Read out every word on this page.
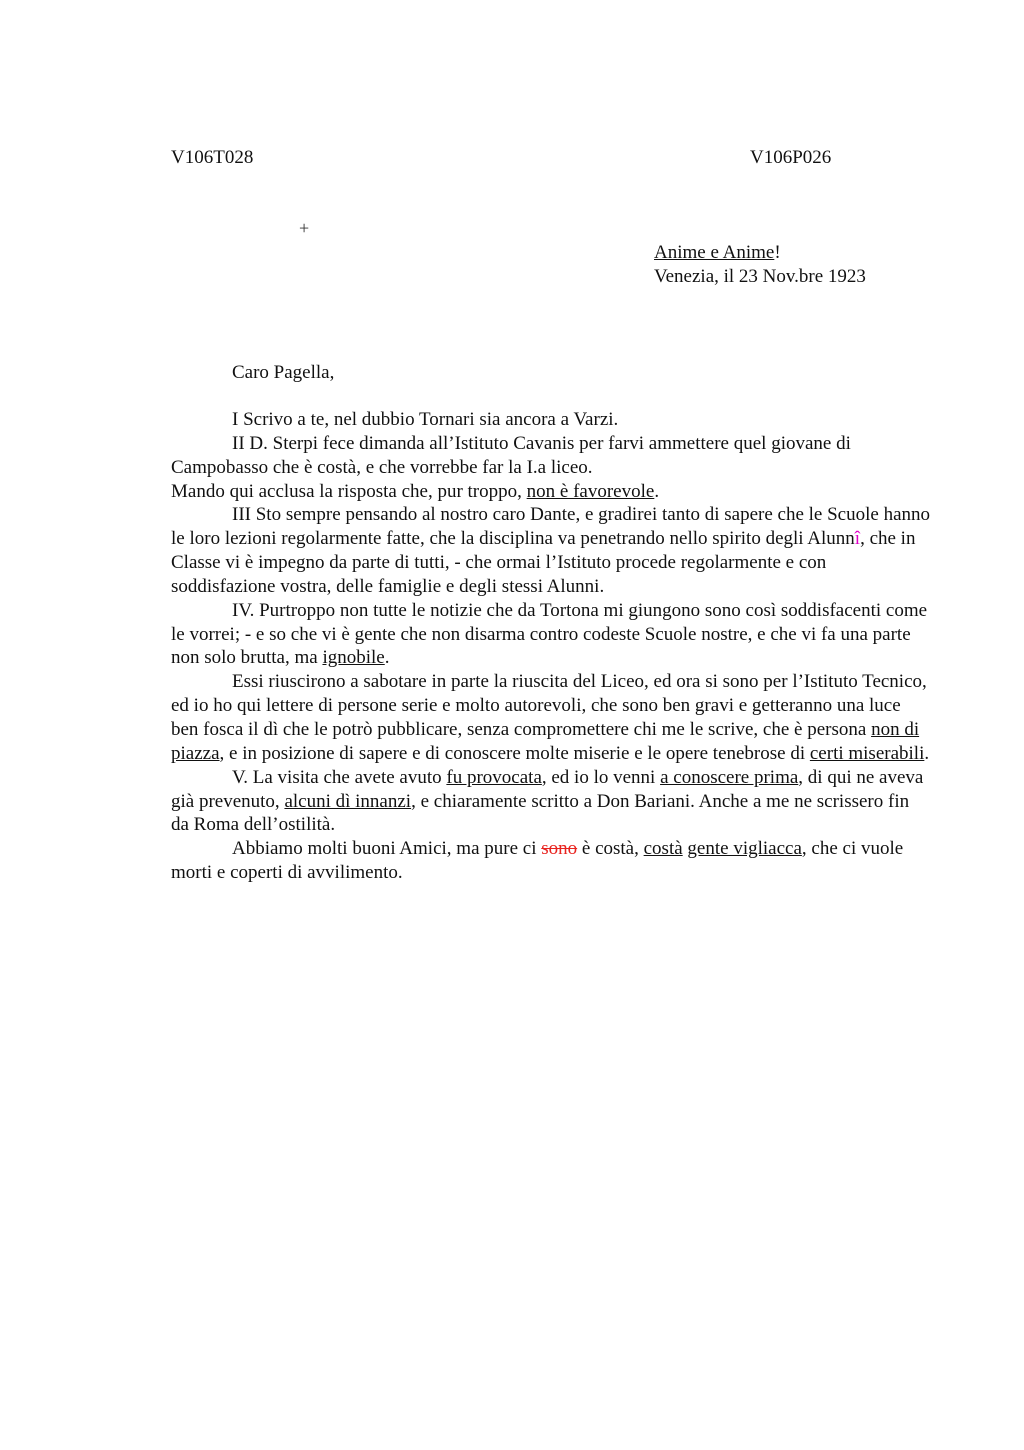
V106T028	V106P026
+
Anime e Anime!
Venezia, il 23 Nov.bre 1923
Caro Pagella,

I Scrivo a te, nel dubbio Tornari sia ancora a Varzi.

II D. Sterpi fece dimanda all’Istituto Cavanis per farvi ammettere quel giovane di Campobasso che è costà, e che vorrebbe far la I.a liceo.

Mando qui acclusa la risposta che, pur troppo, non è favorevole.

III Sto sempre pensando al nostro caro Dante, e gradirei tanto di sapere che le Scuole hanno le loro lezioni regolarmente fatte, che la disciplina va penetrando nello spirito degli Alunnî, che in Classe vi è impegno da parte di tutti, - che ormai l’Istituto procede regolarmente e con soddisfazione vostra, delle famiglie e degli stessi Alunni.

IV. Purtroppo non tutte le notizie che da Tortona mi giungono sono così soddisfacenti come le vorrei; - e so che vi è gente che non disarma contro codeste Scuole nostre, e che vi fa una parte non solo brutta, ma ignobile.

Essi riuscirono a sabotare in parte la riuscita del Liceo, ed ora si sono per l’Istituto Tecnico, ed io ho qui lettere di persone serie e molto autorevoli, che sono ben gravi e getteranno una luce ben fosca il dì che le potrò pubblicare, senza compromettere chi me le scrive, che è persona non di piazza, e in posizione di sapere e di conoscere molte miserie e le opere tenebrose di certi miserabili.

V. La visita che avete avuto fu provocata, ed io lo venni a conoscere prima, di qui ne aveva già prevenuto, alcuni dì innanzi, e chiaramente scritto a Don Bariani. Anche a me ne scrissero fin da Roma dell’ostilità.

Abbiamo molti buoni Amici, ma pure ci sono è costà, costà gente vigliacca, che ci vuole morti e coperti di avvilimento.
